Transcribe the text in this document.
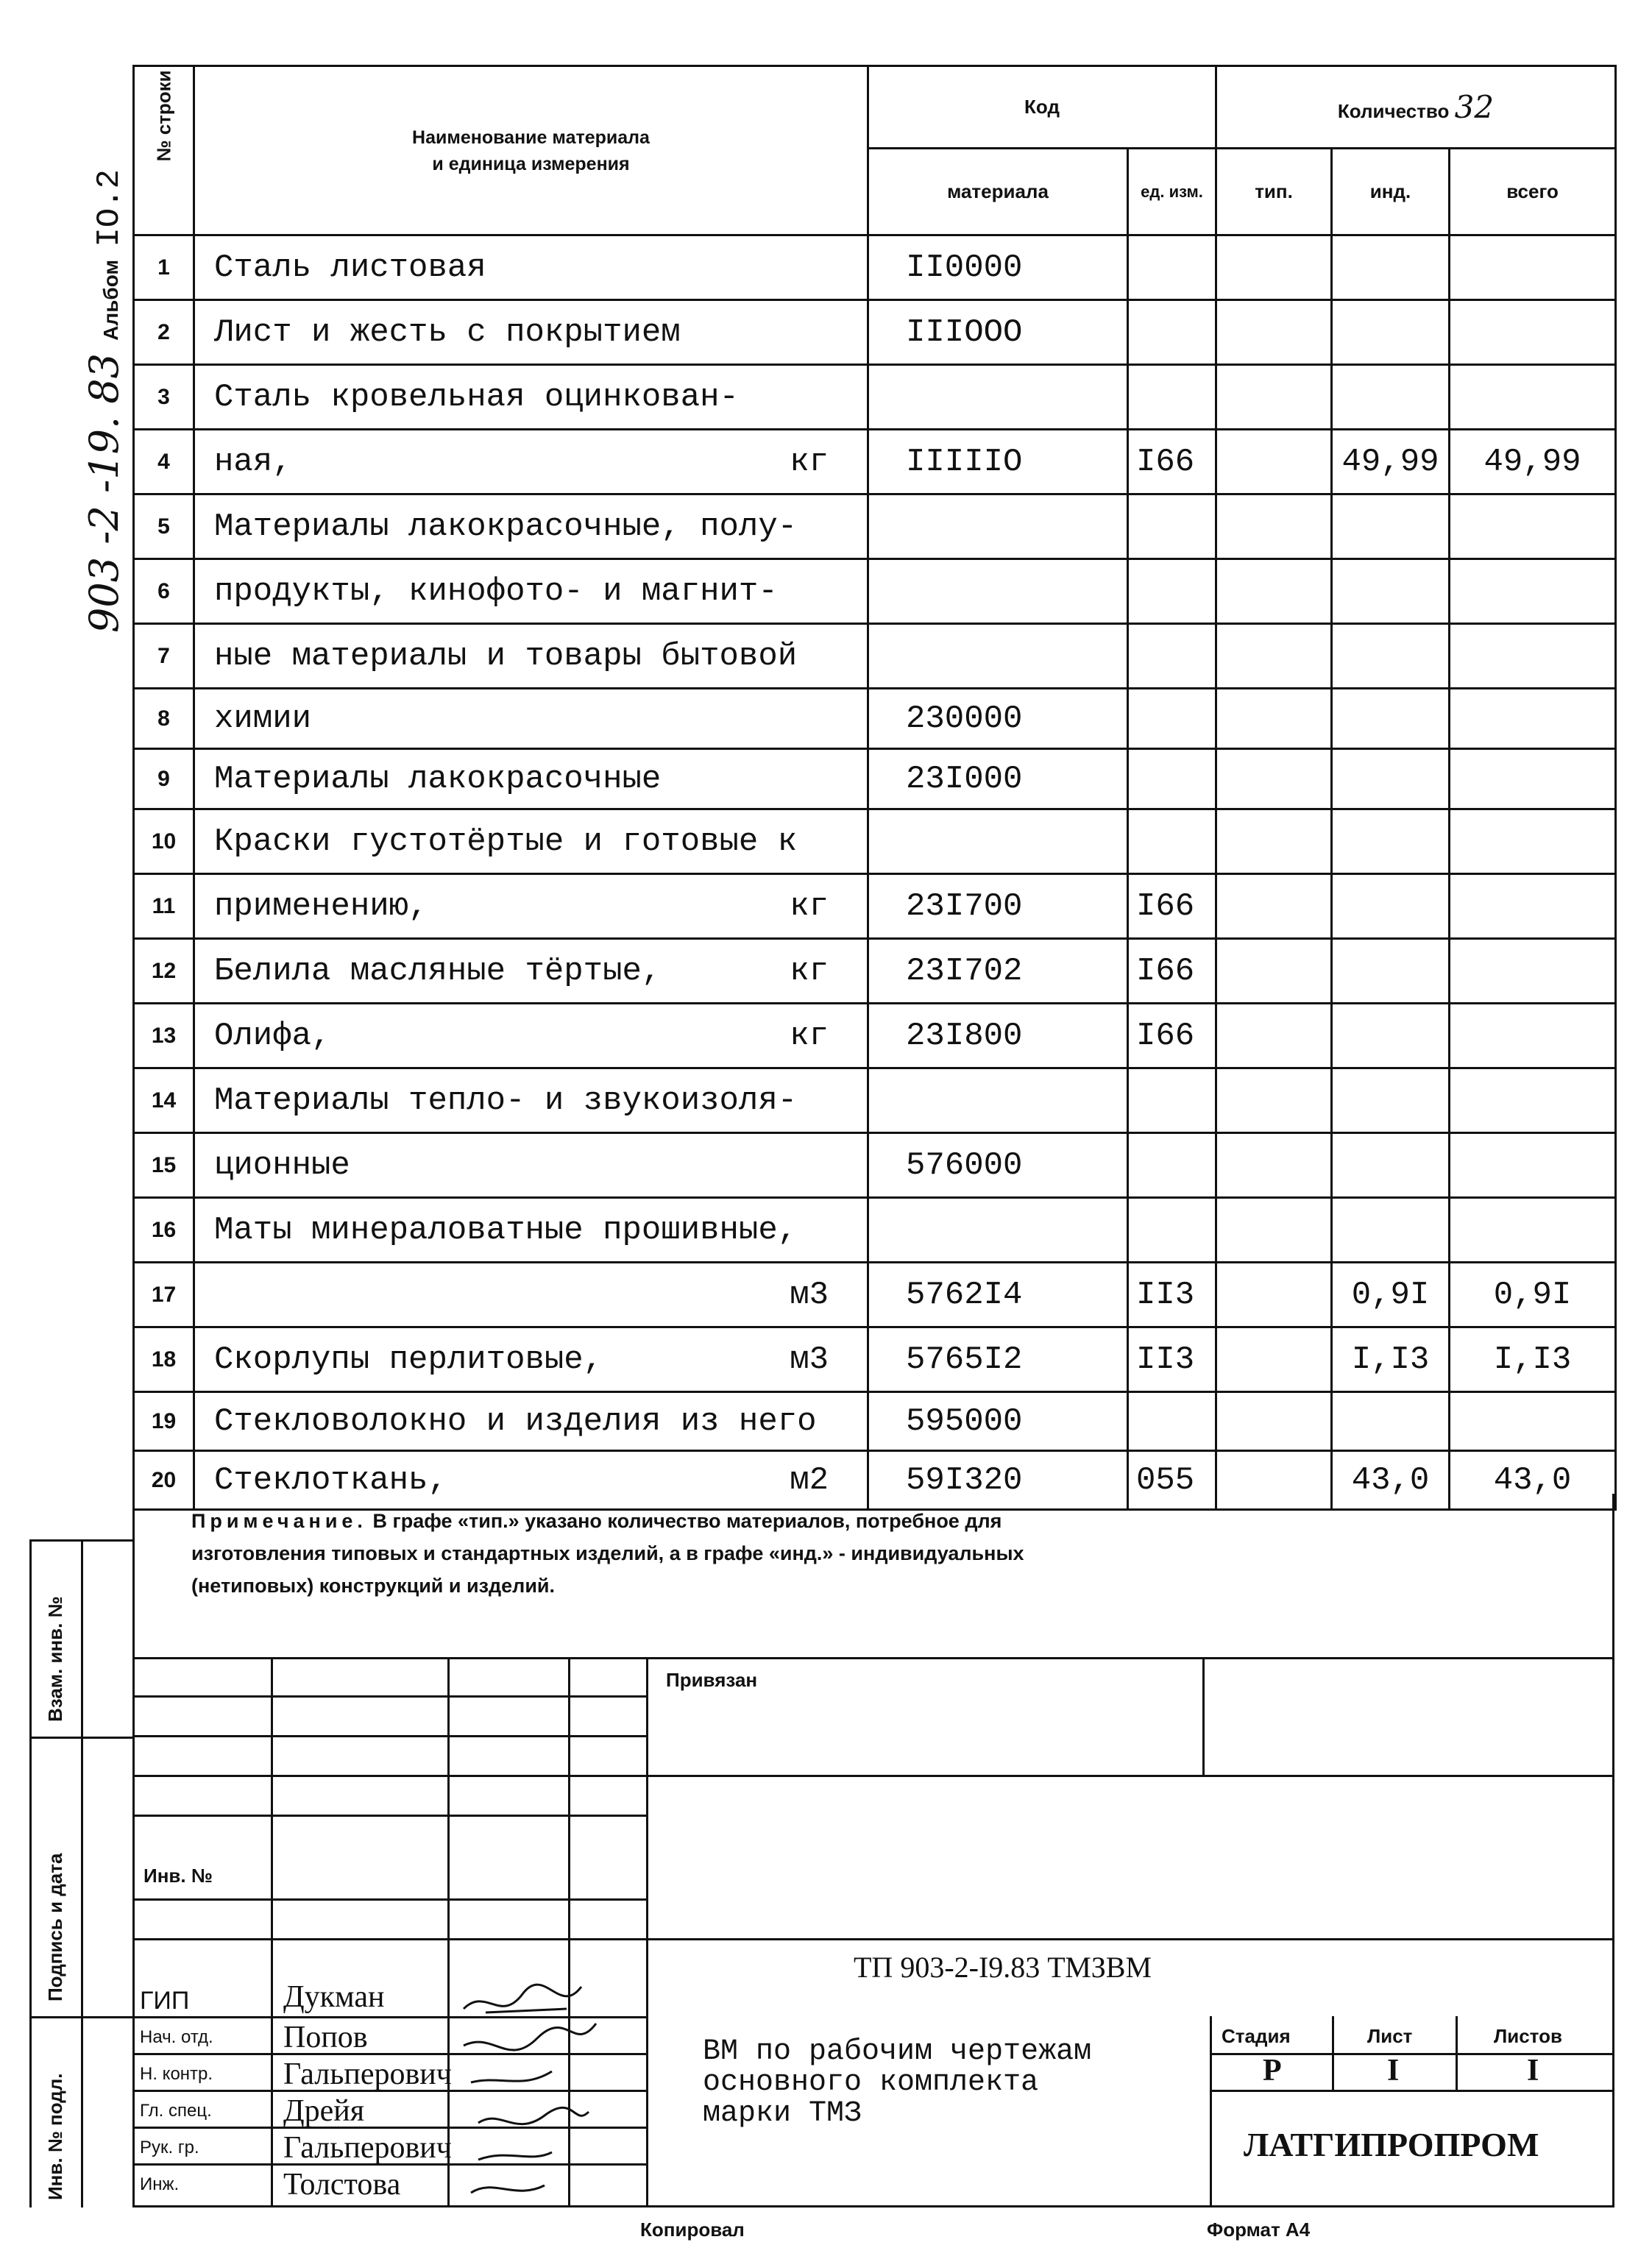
903 -2 -19. 83 Альбом IO.2
№ строки	Наименование материала
и единица измерения	Код		Количество 32		
		материала	ед. изм.	тип.	инд.	всего
1	Сталь листовая	II0000				
2	Лист и жесть с покрытием	IIIOOO				
3	Сталь кровельная оцинкован-

4	ная, кг	IIIIIO	I66		49,99	49,99
5	Материалы лакокрасочные, полу-

6	продукты, кинофото- и магнит-

7	ные материалы и товары бытовой

8	химии	230000				
9	Материалы лакокрасочные	23I000				
10	Краски густотёртые и готовые к

11	применению, кг	23I700	I66			
12	Белила масляные тёртые, кг	23I702	I66			
13	Олифа, кг	23I800	I66			
14	Материалы тепло- и звукоизоля-

15	ционные	576000				
16	Маты минераловатные прошивные,

17	м3	5762I4	II3		0,9I	0,9I
18	Скорлупы перлитовые, м3	5765I2	II3		I,I3	I,I3
19	Стекловолокно и изделия из него	595000				
20	Стеклоткань, м2	59I320	055		43,0	43,0
Примечание. В графе «тип.» указано количество материалов, потребное для
изготовления типовых и стандартных изделий, а в графе «инд.» - индивидуальных
(нетиповых) конструкций и изделий.
Взам. инв. №
Подпись и дата
Инв. № подл.
Привязан
Инв. №
ТП 903-2-I9.83 ТМЗВМ
ВМ по рабочим чертежам
основного комплекта
марки ТМЗ
Стадия	Лист	Листов
Р	I	I
ЛАТГИПРОПРОМ
ГИП	Дукман
Нач. отд. Попов
Н. контр. Гальперович
Гл. спец. Дрейя
Рук. гр.	Гальперович
Инж.	Толстова
Копировал	Формат А4
